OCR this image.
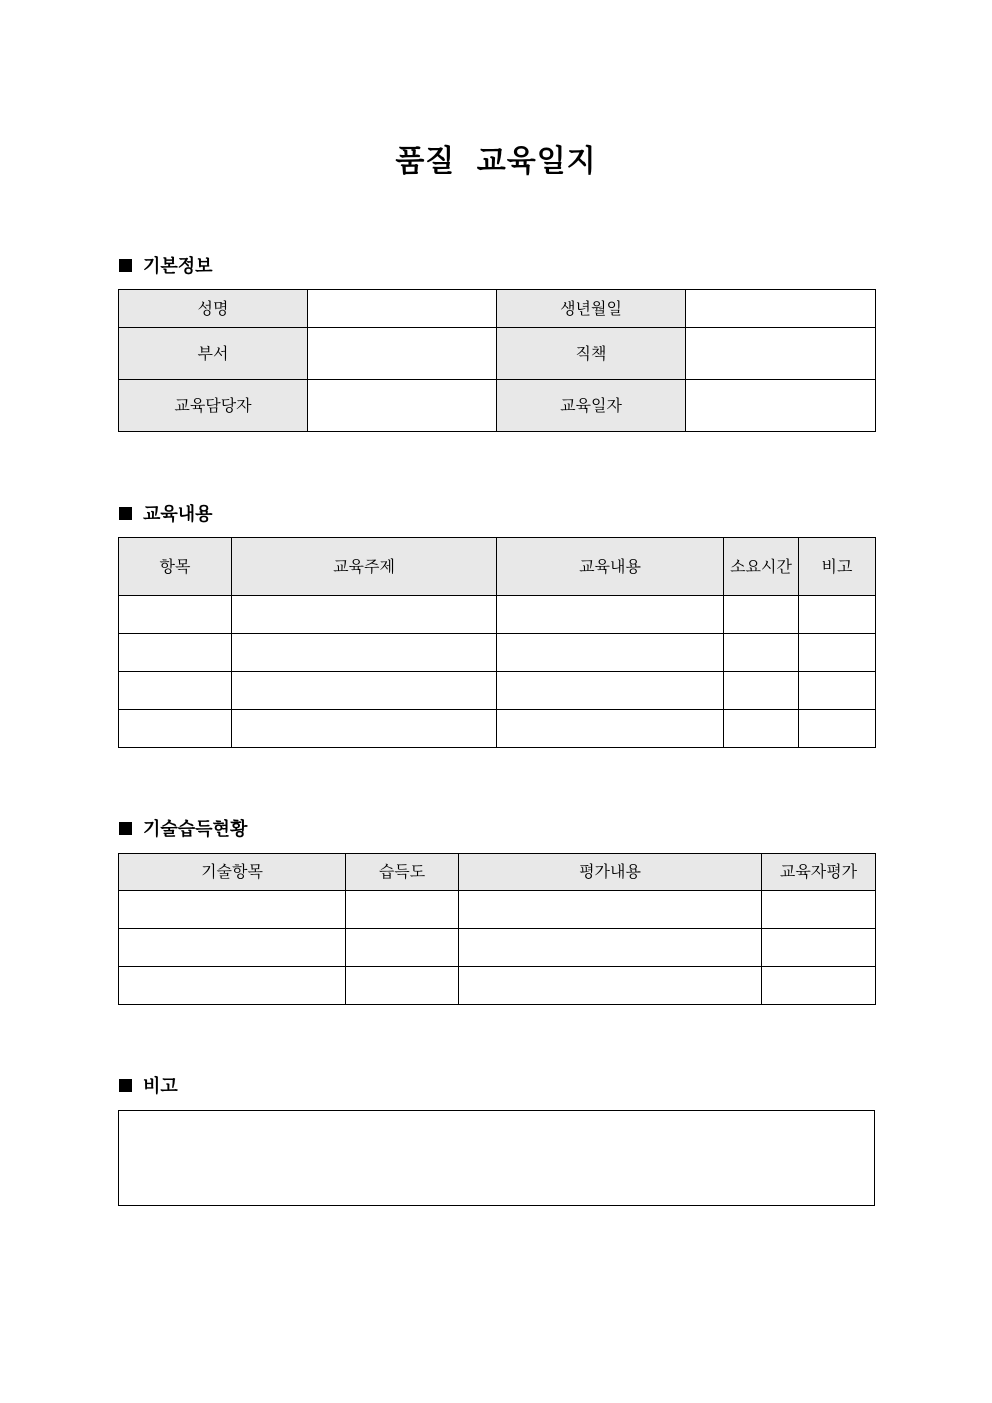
품질 교육일지
기본정보
성명		생년월일	
부서		직책	
교육담당자		교육일자	
교육내용
항목	교육주제	교육내용	소요시간	비고

기술습득현황
기술항목	습득도	평가내용	교육자평가

비고
